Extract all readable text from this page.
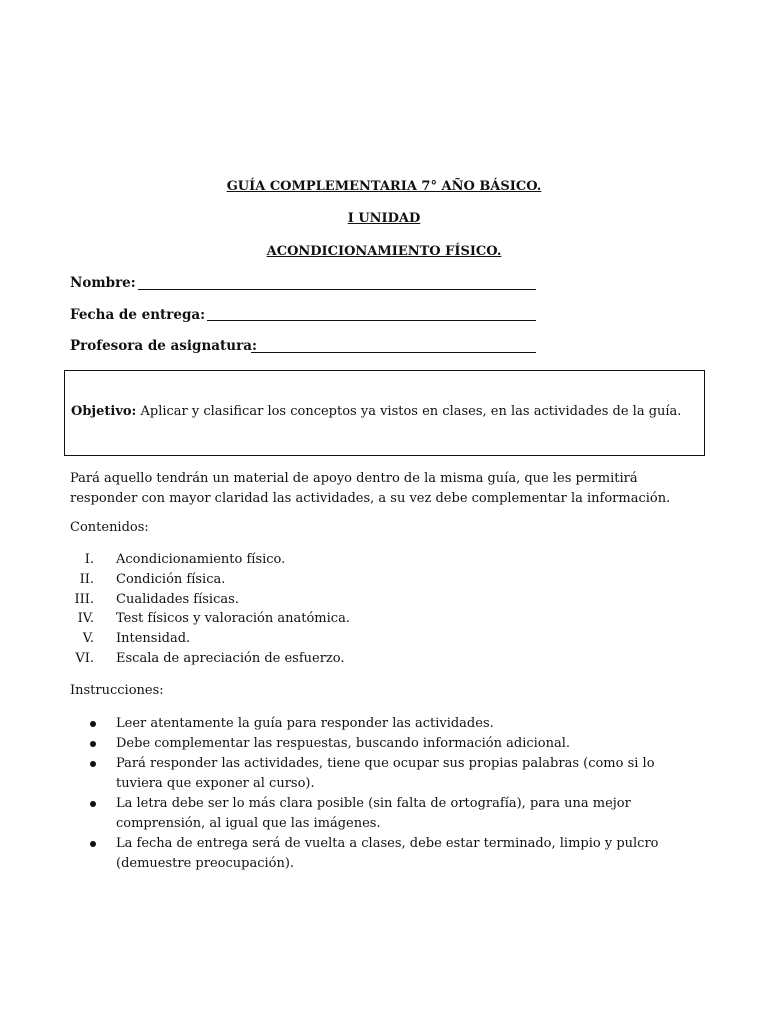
GUÍA COMPLEMENTARIA 7° AÑO BÁSICO.
I UNIDAD
ACONDICIONAMIENTO FÍSICO.
Nombre:
Fecha de entrega:
Profesora de asignatura:
Objetivo: Aplicar y clasificar los conceptos ya vistos en clases, en las actividades de la guía.
Pará aquello tendrán un material de apoyo dentro de la misma guía, que les permitirá
responder con mayor claridad las actividades, a su vez debe complementar la información.
Contenidos:
I. Acondicionamiento físico.
II. Condición física.
III. Cualidades físicas.
IV. Test físicos y valoración anatómica.
V. Intensidad.
VI. Escala de apreciación de esfuerzo.
Instrucciones:
Leer atentamente la guía para responder las actividades.
Debe complementar las respuestas, buscando información adicional.
Pará responder las actividades, tiene que ocupar sus propias palabras (como si lo tuviera que exponer al curso).
La letra debe ser lo más clara posible (sin falta de ortografía), para una mejor comprensión, al igual que las imágenes.
La fecha de entrega será de vuelta a clases, debe estar terminado, limpio y pulcro (demuestre preocupación).
